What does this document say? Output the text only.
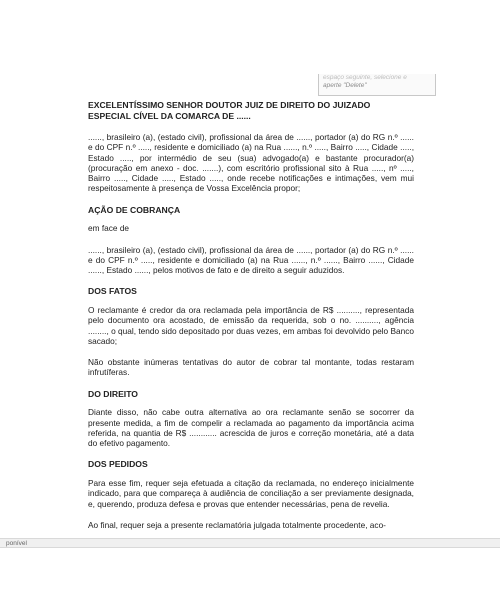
espaço seguinte, selecione e
aperte "Delete"
EXCELENTÍSSIMO SENHOR DOUTOR JUIZ DE DIREITO DO JUIZADO ESPECIAL CÍVEL DA COMARCA DE ......

......, brasileiro (a), (estado civil), profissional da área de ......, portador (a) do RG n.º ...... e do CPF n.º ....., residente e domiciliado (a) na Rua ......, n.º ....., Bairro ....., Cidade ....., Estado ....., por intermédio de seu (sua) advogado(a) e bastante procurador(a) (procuração em anexo - doc. .......), com escritório profissional sito à Rua ....., nº ....., Bairro ....., Cidade ....., Estado ....., onde recebe notificações e intimações, vem mui respeitosamente à presença de Vossa Excelência propor;

AÇÃO DE COBRANÇA

em face de

......, brasileiro (a), (estado civil), profissional da área de ......, portador (a) do RG n.º ...... e do CPF n.º ....., residente e domiciliado (a) na Rua ......, n.º ......, Bairro ......, Cidade ......, Estado ......, pelos motivos de fato e de direito a seguir aduzidos.

DOS FATOS

O reclamante é credor da ora reclamada pela importância de R$ .........., representada pelo documento ora acostado, de emissão da requerida, sob o no. .........., agência ........, o qual, tendo sido depositado por duas vezes, em ambas foi devolvido pelo Banco sacado;

Não obstante inúmeras tentativas do autor de cobrar tal montante, todas restaram infrutíferas.

DO DIREITO

Diante disso, não cabe outra alternativa ao ora reclamante senão se socorrer da presente medida, a fim de compelir a reclamada ao pagamento da importância acima referida, na quantia de R$ ............ acrescida de juros e correção monetária, até a data do efetivo pagamento.

DOS PEDIDOS

Para esse fim, requer seja efetuada a citação da reclamada, no endereço inicialmente indicado, para que compareça à audiência de conciliação a ser previamente designada, e, querendo, produza defesa e provas que entender necessárias, pena de revelia.

Ao final, requer seja a presente reclamatória julgada totalmente procedente, aco-

ponível
